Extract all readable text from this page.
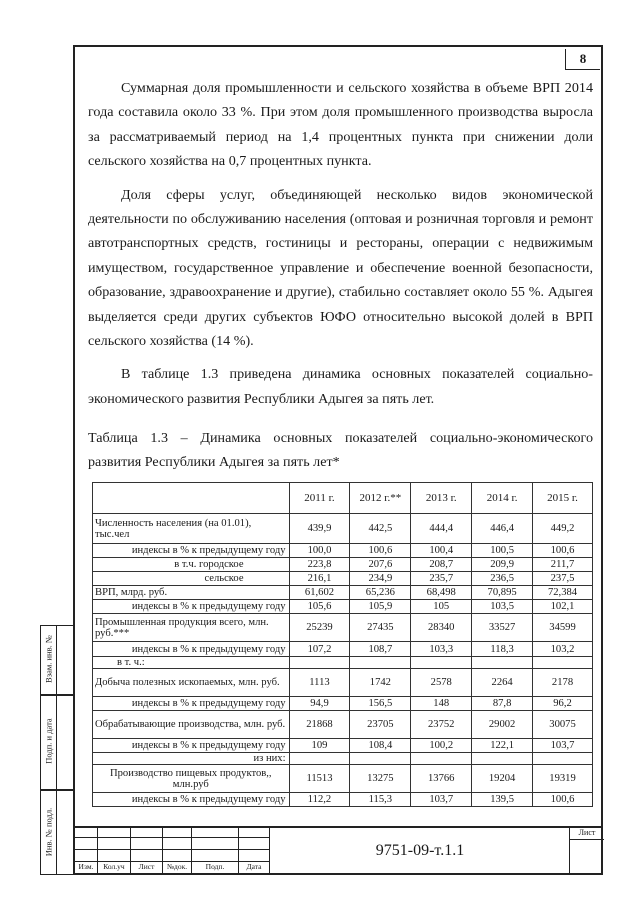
8

Суммарная доля промышленности и сельского хозяйства в объеме ВРП 2014 года составила около 33 %. При этом доля промышленного производства выросла за рассматриваемый период на 1,4 процентных пункта при снижении доли сельского хозяйства на 0,7 процентных пункта.

Доля сферы услуг, объединяющей несколько видов экономической деятельности по обслуживанию населения (оптовая и розничная торговля и ремонт автотранспортных средств, гостиницы и рестораны, операции с недвижимым имуществом, государственное управление и обеспечение военной безопасности, образование, здравоохранение и другие), стабильно составляет около 55 %. Адыгея выделяется среди других субъектов ЮФО относительно высокой долей в ВРП сельского хозяйства (14 %).

В таблице 1.3 приведена динамика основных показателей социально-экономического развития Республики Адыгея за пять лет.

Таблица 1.3 – Динамика основных показателей социально-экономического развития Республики Адыгея за пять лет*
	2011 г.	2012 г.**	2013 г.	2014 г.	2015 г.
Численность населения (на 01.01), тыс.чел	439,9	442,5	444,4	446,4	449,2
индексы в % к предыдущему году	100,0	100,6	100,4	100,5	100,6
в т.ч. городское	223,8	207,6	208,7	209,9	211,7
сельское	216,1	234,9	235,7	236,5	237,5
ВРП, млрд. руб.	61,602	65,236	68,498	70,895	72,384
индексы в % к предыдущему году	105,6	105,9	105	103,5	102,1
Промышленная продукция всего, млн. руб.***	25239	27435	28340	33527	34599
индексы в % к предыдущему году	107,2	108,7	103,3	118,3	103,2
в т. ч.:					
Добыча полезных ископаемых, млн. руб.	1113	1742	2578	2264	2178
индексы в % к предыдущему году	94,9	156,5	148	87,8	96,2
Обрабатывающие производства, млн. руб.	21868	23705	23752	29002	30075
индексы в % к предыдущему году	109	108,4	100,2	122,1	103,7
из них:					
Производство пищевых продуктов,, млн.руб	11513	13275	13766	19204	19319
индексы в % к предыдущему году	112,2	115,3	103,7	139,5	100,6
Взам. инв. №
Подп. и дата
Инв. № подл.
Изм.	Кол.уч	Лист	№док.	Подп.	Дата
9751-09-т.1.1
Лист
